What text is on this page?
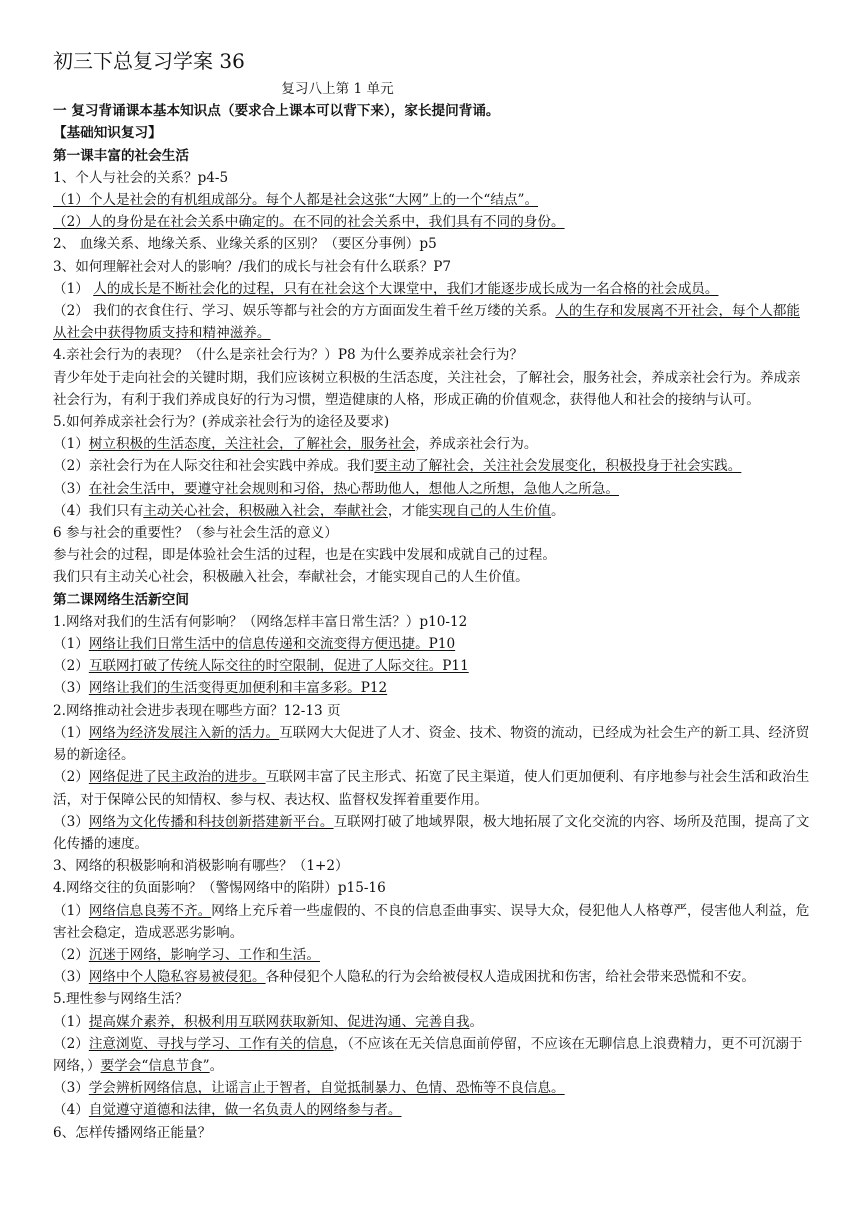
初三下总复习学案 36
复习八上第 1 单元
一 复习背诵课本基本知识点（要求合上课本可以背下来），家长提问背诵。
【基础知识复习】
第一课丰富的社会生活
1、个人与社会的关系？p4-5
（1）个人是社会的有机组成部分。每个人都是社会这张“大网”上的一个“结点”。
（2）人的身份是在社会关系中确定的。在不同的社会关系中，我们具有不同的身份。
2、 血缘关系、地缘关系、业缘关系的区别？（要区分事例）p5
3、如何理解社会对人的影响？/我们的成长与社会有什么联系？P7
（1） 人的成长是不断社会化的过程，只有在社会这个大课堂中，我们才能逐步成长成为一名合格的社会成员。
（2） 我们的衣食住行、学习、娱乐等都与社会的方方面面发生着千丝万缕的关系。人的生存和发展离不开社会，每个人都能从社会中获得物质支持和精神滋养。
4.亲社会行为的表现？（什么是亲社会行为？）P8 为什么要养成亲社会行为？
青少年处于走向社会的关键时期，我们应该树立积极的生活态度，关注社会，了解社会，服务社会，养成亲社会行为。养成亲社会行为，有利于我们养成良好的行为习惯，塑造健康的人格，形成正确的价值观念，获得他人和社会的接纳与认可。
5.如何养成亲社会行为？(养成亲社会行为的途径及要求)
（1）树立积极的生活态度，关注社会，了解社会，服务社会，养成亲社会行为。
（2）亲社会行为在人际交往和社会实践中养成。我们要主动了解社会，关注社会发展变化，积极投身于社会实践。
（3）在社会生活中，要遵守社会规则和习俗，热心帮助他人，想他人之所想，急他人之所急。
（4）我们只有主动关心社会，积极融入社会，奉献社会，才能实现自己的人生价值。
6 参与社会的重要性？（参与社会生活的意义）
参与社会的过程，即是体验社会生活的过程，也是在实践中发展和成就自己的过程。
我们只有主动关心社会，积极融入社会，奉献社会，才能实现自己的人生价值。
第二课网络生活新空间
1.网络对我们的生活有何影响？（网络怎样丰富日常生活？）p10-12
（1）网络让我们日常生活中的信息传递和交流变得方便迅捷。P10
（2）互联网打破了传统人际交往的时空限制，促进了人际交往。P11
（3）网络让我们的生活变得更加便利和丰富多彩。P12
2.网络推动社会进步表现在哪些方面？12-13 页
（1）网络为经济发展注入新的活力。互联网大大促进了人才、资金、技术、物资的流动，已经成为社会生产的新工具、经济贸易的新途径。
（2）网络促进了民主政治的进步。互联网丰富了民主形式、拓宽了民主渠道，使人们更加便利、有序地参与社会生活和政治生活，对于保障公民的知情权、参与权、表达权、监督权发挥着重要作用。
（3）网络为文化传播和科技创新搭建新平台。互联网打破了地域界限，极大地拓展了文化交流的内容、场所及范围，提高了文化传播的速度。
3、网络的积极影响和消极影响有哪些？（1+2）
4.网络交往的负面影响？（警惕网络中的陷阱）p15-16
（1）网络信息良莠不齐。网络上充斥着一些虚假的、不良的信息歪曲事实、误导大众，侵犯他人人格尊严，侵害他人利益，危害社会稳定，造成恶恶劣影响。
（2）沉迷于网络，影响学习、工作和生活。
（3）网络中个人隐私容易被侵犯。各种侵犯个人隐私的行为会给被侵权人造成困扰和伤害，给社会带来恐慌和不安。
5.理性参与网络生活？
（1）提高媒介素养，积极利用互联网获取新知、促进沟通、完善自我。
（2）注意浏览、寻找与学习、工作有关的信息，（不应该在无关信息面前停留，不应该在无聊信息上浪费精力，更不可沉溺于网络，）要学会“信息节食”。
（3）学会辨析网络信息，让谣言止于智者，自觉抵制暴力、色情、恐怖等不良信息。
（4）自觉遵守道德和法律，做一名负责人的网络参与者。
6、怎样传播网络正能量？
